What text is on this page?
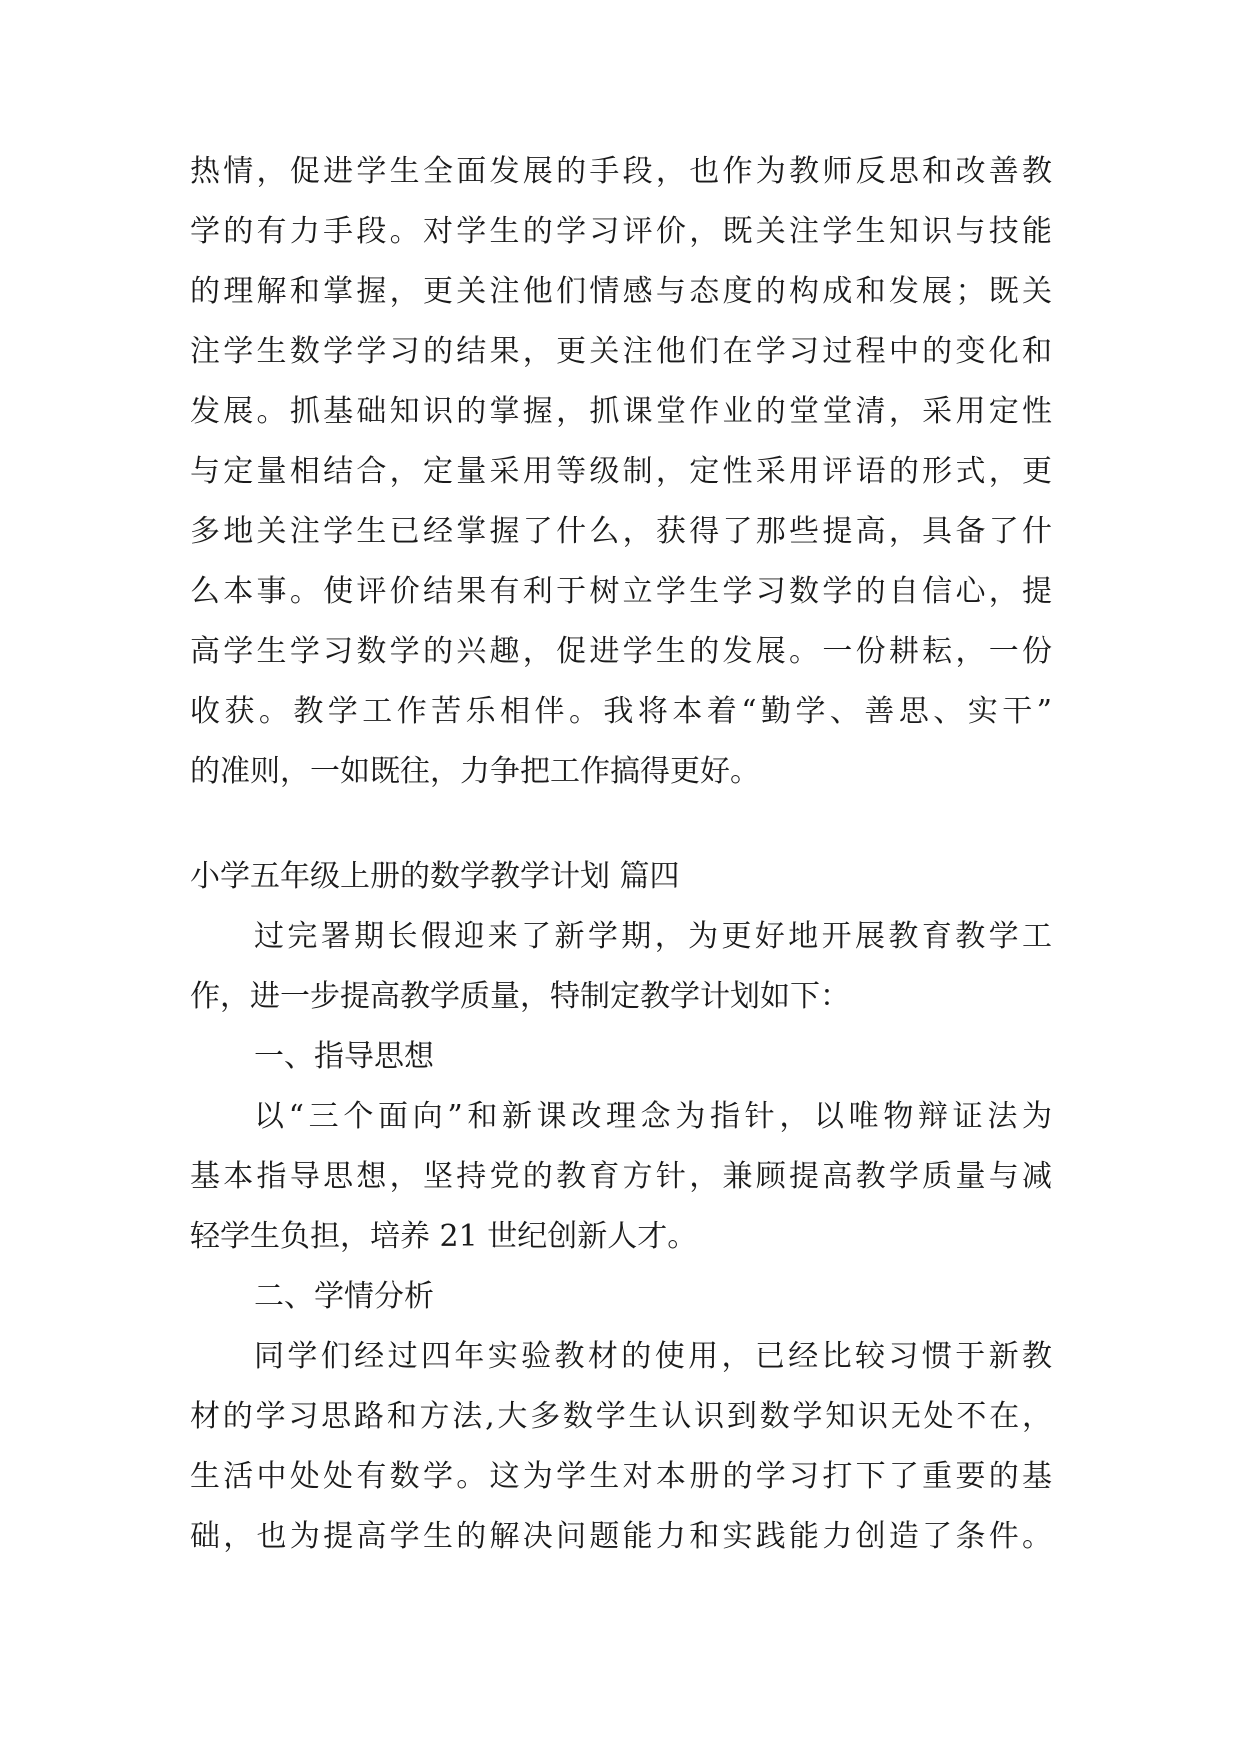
热情，促进学生全面发展的手段，也作为教师反思和改善教
学的有力手段。对学生的学习评价，既关注学生知识与技能
的理解和掌握，更关注他们情感与态度的构成和发展；既关
注学生数学学习的结果，更关注他们在学习过程中的变化和
发展。抓基础知识的掌握，抓课堂作业的堂堂清，采用定性
与定量相结合，定量采用等级制，定性采用评语的形式，更
多地关注学生已经掌握了什么，获得了那些提高，具备了什
么本事。使评价结果有利于树立学生学习数学的自信心，提
高学生学习数学的兴趣，促进学生的发展。一份耕耘，一份
收获。教学工作苦乐相伴。我将本着“勤学、善思、实干”
的准则，一如既往，力争把工作搞得更好。
小学五年级上册的数学教学计划 篇四
过完署期长假迎来了新学期，为更好地开展教育教学工
作，进一步提高教学质量，特制定教学计划如下：
一、指导思想
以“三个面向”和新课改理念为指针，以唯物辩证法为
基本指导思想，坚持党的教育方针，兼顾提高教学质量与减
轻学生负担，培养 21 世纪创新人才。
二、学情分析
同学们经过四年实验教材的使用，已经比较习惯于新教
材的学习思路和方法,大多数学生认识到数学知识无处不在，
生活中处处有数学。这为学生对本册的学习打下了重要的基
础，也为提高学生的解决问题能力和实践能力创造了条件。
